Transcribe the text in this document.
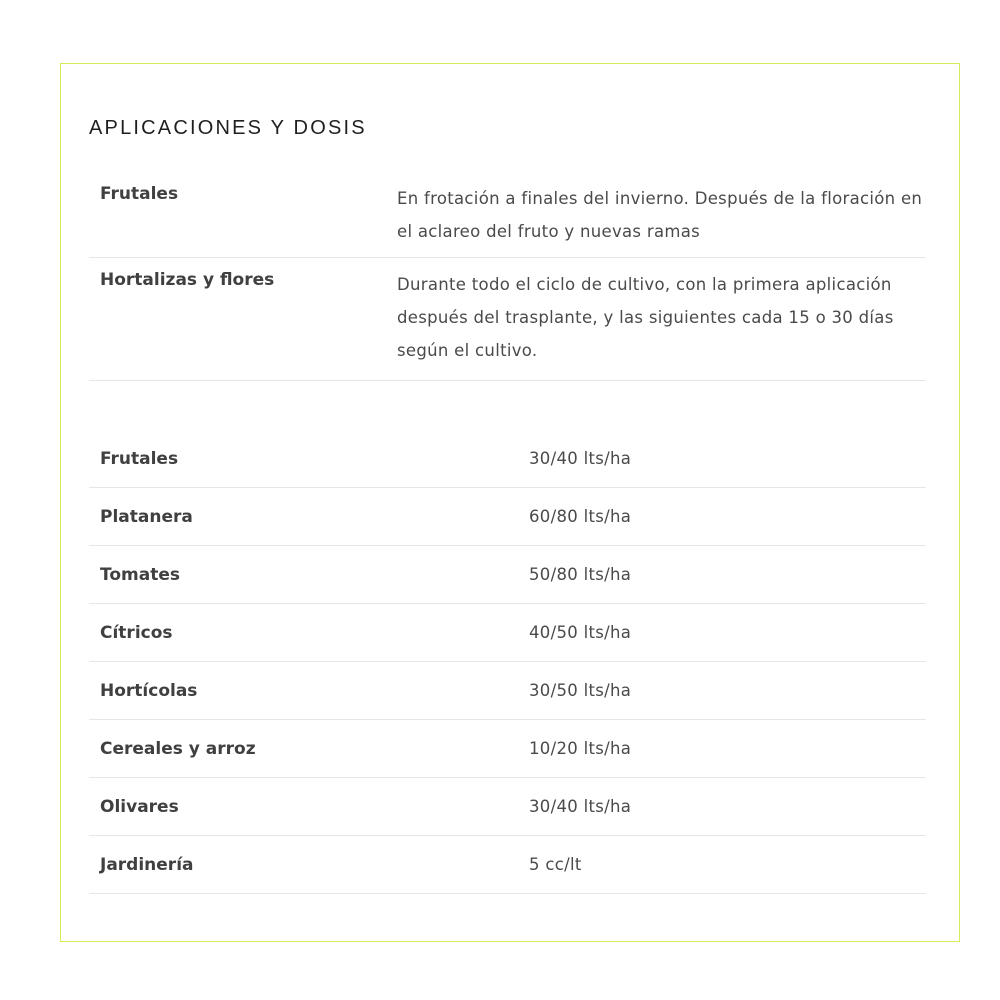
APLICACIONES Y DOSIS
Frutales	En frotación a finales del invierno. Después de la floración en el aclareo del fruto y nuevas ramas
Hortalizas y flores	Durante todo el ciclo de cultivo, con la primera aplicación después del trasplante, y las siguientes cada 15 o 30 días según el cultivo.
Frutales	30/40 lts/ha
Platanera	60/80 lts/ha
Tomates	50/80 lts/ha
Cítricos	40/50 lts/ha
Hortícolas	30/50 lts/ha
Cereales y arroz	10/20 lts/ha
Olivares	30/40 lts/ha
Jardinería	5 cc/lt
